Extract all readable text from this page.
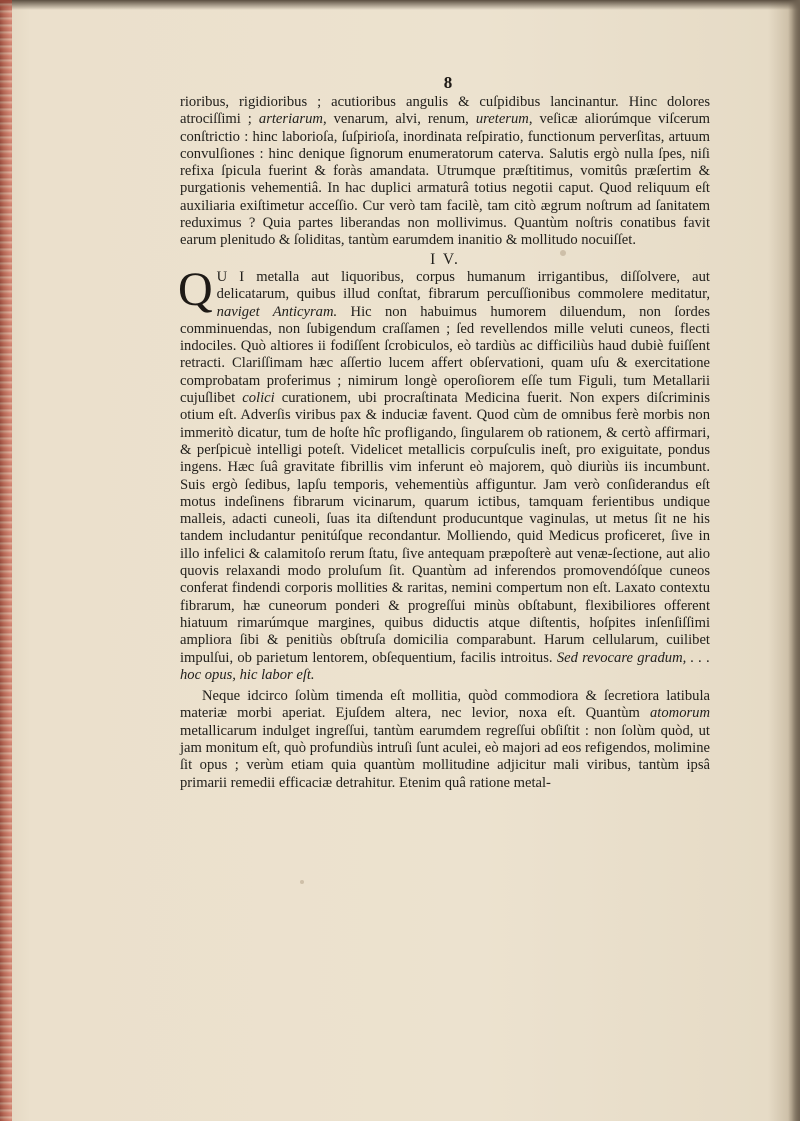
8

rioribus, rigidioribus ; acutioribus angulis & cuſpidibus lancinantur. Hinc dolores atrociſſimi ; arteriarum, venarum, alvi, renum, ureterum, veſicæ aliorúmque viſcerum conſtrictio : hinc laborioſa, ſuſpirioſa, inordinata reſpiratio, functionum perverſitas, artuum convulſiones : hinc denique ſignorum enumeratorum caterva. Salutis ergò nulla ſpes, niſi refixa ſpicula fuerint & foràs amandata. Utrumque præſtitimus, vomitûs præſertim & purgationis vehementiâ. In hac duplici armaturâ totius negotii caput. Quod reliquum eſt auxiliaria exiſtimetur acceſſio. Cur verò tam facilè, tam citò ægrum noſtrum ad ſanitatem reduximus ? Quia partes liberandas non mollivimus. Quantùm noſtris conatibus favit earum plenitudo & ſoliditas, tantùm earumdem inanitio & mollitudo nocuiſſet.

I V.

Q U I metalla aut liquoribus, corpus humanum irrigantibus, diſſolvere, aut delicatarum, quibus illud conſtat, fibrarum percuſſionibus commolere meditatur, naviget Anticyram. Hic non habuimus humorem diluendum, non ſordes comminuendas, non ſubigendum craſſamen ; ſed revellendos mille veluti cuneos, flecti indociles. Quò altiores ii fodiſſent ſcrobiculos, eò tardiùs ac difficiliùs haud dubiè fuiſſent retracti. Clariſſimam hæc aſſertio lucem affert obſervationi, quam uſu & exercitatione comprobatam proferimus ; nimirum longè operoſiorem eſſe tum Figuli, tum Metallarii cujuſlibet colici curationem, ubi procraſtinata Medicina fuerit. Non expers diſcriminis otium eſt. Adverſis viribus pax & induciæ favent. Quod cùm de omnibus ferè morbis non immeritò dicatur, tum de hoſte hîc profligando, ſingularem ob rationem, & certò affirmari, & perſpicuè intelligi poteſt. Videlicet metallicis corpuſculis ineſt, pro exiguitate, pondus ingens. Hæc ſuâ gravitate fibrillis vim inferunt eò majorem, quò diuriùs iis incumbunt. Suis ergò ſedibus, lapſu temporis, vehementiùs affiguntur. Jam verò conſiderandus eſt motus indeſinens fibrarum vicinarum, quarum ictibus, tamquam ferientibus undique malleis, adacti cuneoli, ſuas ita diſtendunt producuntque vaginulas, ut metus ſit ne his tandem includantur penitúſque recondantur. Molliendo, quid Medicus proficeret, ſive in illo infelici & calamitoſo rerum ſtatu, ſive antequam præpoſterè aut venæ-ſectione, aut alio quovis relaxandi modo proluſum ſit. Quantùm ad inferendos promovendóſque cuneos conferat findendi corporis mollities & raritas, nemini compertum non eſt. Laxato contextu fibrarum, hæ cuneorum ponderi & progreſſui minùs obſtabunt, flexibiliores offerent hiatuum rimarúmque margines, quibus diductis atque diſtentis, hoſpites inſenſiſſimi ampliora ſibi & penitiùs obſtruſa domicilia comparabunt. Harum cellularum, cuilibet impulſui, ob parietum lentorem, obſequentium, facilis introitus. Sed revocare gradum, . . . hoc opus, hic labor eſt.

Neque idcirco ſolùm timenda eſt mollitia, quòd commodiora & ſecretiora latibula materiæ morbi aperiat. Ejuſdem altera, nec levior, noxa eſt. Quantùm atomorum metallicarum indulget ingreſſui, tantùm earumdem regreſſui obſiſtit : non ſolùm quòd, ut jam monitum eſt, quò profundiùs intruſi ſunt aculei, eò majori ad eos refigendos, molimine ſit opus ; verùm etiam quia quantùm mollitudine adjicitur mali viribus, tantùm ipsâ primarii remedii efficaciæ detrahitur. Etenim quâ ratione metal-
